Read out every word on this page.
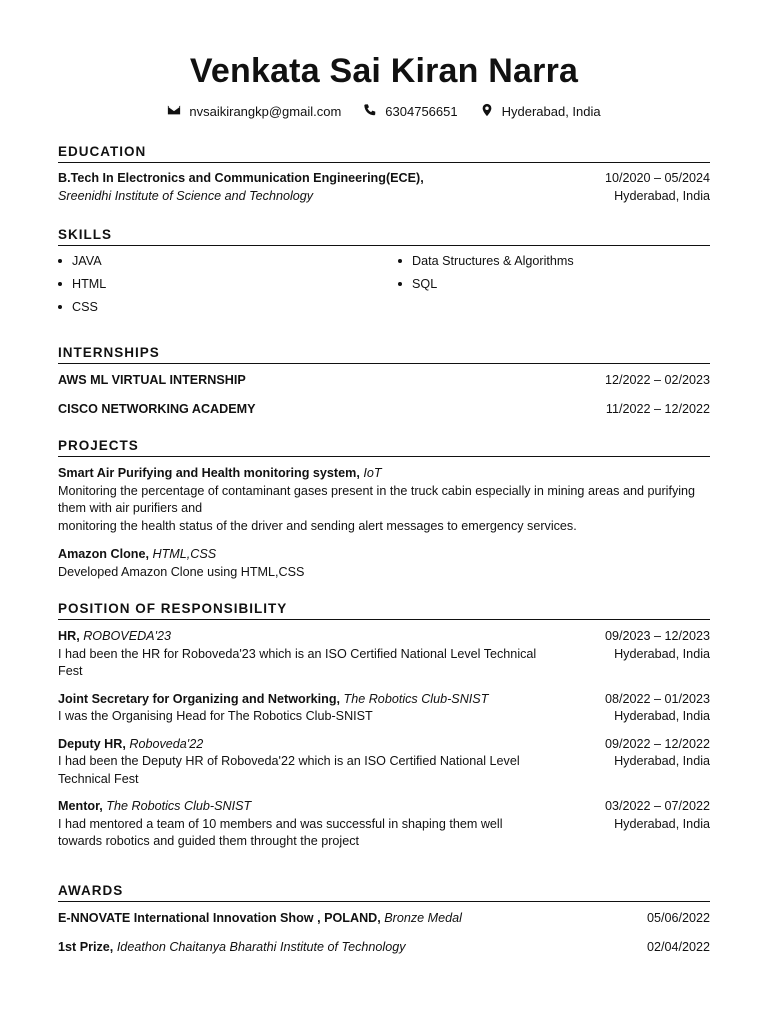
Venkata Sai Kiran Narra
nvsaikirangkp@gmail.com	6304756651	Hyderabad, India
EDUCATION
B.Tech In Electronics and Communication Engineering(ECE),
Sreenidhi Institute of Science and Technology
10/2020 – 05/2024
Hyderabad, India
SKILLS
JAVA	Data Structures & Algorithms
HTML	SQL
CSS
INTERNSHIPS
AWS ML VIRTUAL INTERNSHIP	12/2022 – 02/2023
CISCO NETWORKING ACADEMY	11/2022 – 12/2022
PROJECTS
Smart Air Purifying and Health monitoring system, IoT
Monitoring the percentage of contaminant gases present in the truck cabin especially in mining areas and purifying them with air purifiers and
monitoring the health status of the driver and sending alert messages to emergency services.
Amazon Clone, HTML,CSS
Developed Amazon Clone using HTML,CSS
POSITION OF RESPONSIBILITY
HR, ROBOVEDA'23
I had been the HR for Roboveda'23 which is an ISO Certified National Level Technical Fest
09/2023 – 12/2023
Hyderabad, India
Joint Secretary for Organizing and Networking, The Robotics Club-SNIST
I was the Organising Head for The Robotics Club-SNIST
08/2022 – 01/2023
Hyderabad, India
Deputy HR, Roboveda'22
I had been the Deputy HR of Roboveda'22 which is an ISO Certified National Level Technical Fest
09/2022 – 12/2022
Hyderabad, India
Mentor, The Robotics Club-SNIST
I had mentored a team of 10 members and was successful in shaping them well towards robotics and guided them throught the project
03/2022 – 07/2022
Hyderabad, India
AWARDS
E-NNOVATE International Innovation Show , POLAND, Bronze Medal	05/06/2022
1st Prize, Ideathon Chaitanya Bharathi Institute of Technology	02/04/2022
